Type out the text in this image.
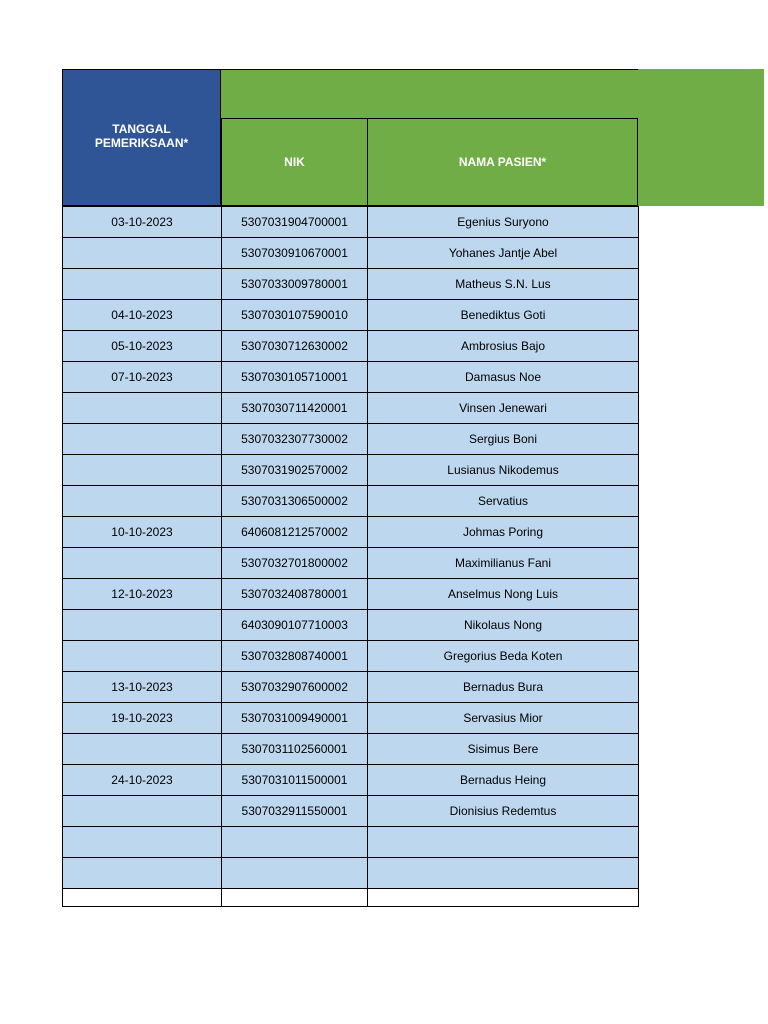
TANGGAL PEMERIKSAAN*
NIK	NAMA PASIEN*
03-10-2023	5307031904700001	Egenius Suryono
	5307030910670001	Yohanes Jantje Abel
	5307033009780001	Matheus S.N. Lus
04-10-2023	5307030107590010	Benediktus Goti
05-10-2023	5307030712630002	Ambrosius Bajo
07-10-2023	5307030105710001	Damasus Noe
	5307030711420001	Vinsen Jenewari
	5307032307730002	Sergius Boni
	5307031902570002	Lusianus Nikodemus
	5307031306500002	Servatius
10-10-2023	6406081212570002	Johmas Poring
	5307032701800002	Maximilianus Fani
12-10-2023	5307032408780001	Anselmus Nong Luis
	6403090107710003	Nikolaus Nong
	5307032808740001	Gregorius Beda Koten
13-10-2023	5307032907600002	Bernadus Bura
19-10-2023	5307031009490001	Servasius Mior
	5307031102560001	Sisimus Bere
24-10-2023	5307031011500001	Bernadus Heing
	5307032911550001	Dionisius Redemtus
